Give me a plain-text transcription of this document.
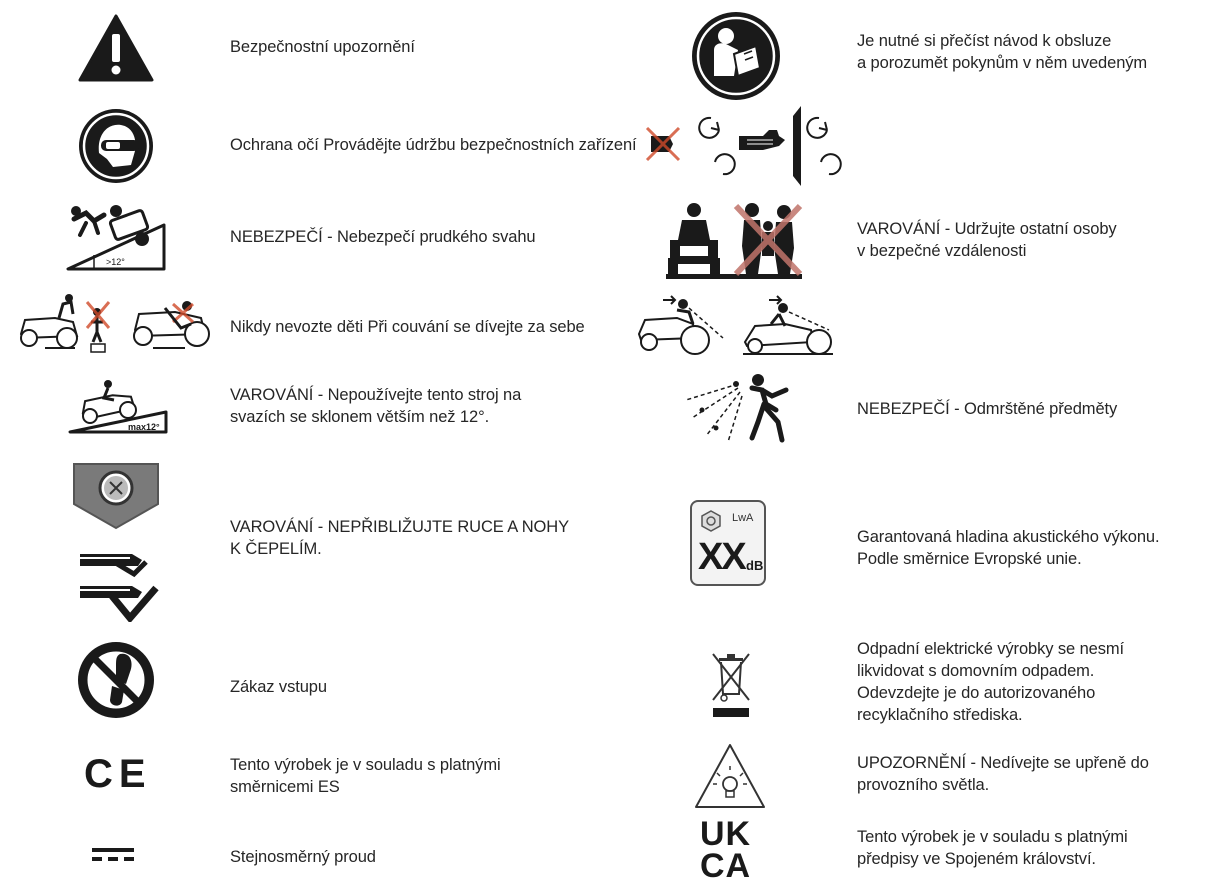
Bezpečnostní upozornění
Ochrana očí Provádějte údržbu bezpečnostních zařízení
>12°
NEBEZPEČÍ - Nebezpečí prudkého svahu
Nikdy nevozte děti Při couvání se dívejte za sebe
max12°
VAROVÁNÍ - Nepoužívejte tento stroj na
svazích se sklonem větším než 12°.
VAROVÁNÍ - NEPŘIBLIŽUJTE RUCE A NOHY
K ČEPELÍM.
Zákaz vstupu
CE	Tento výrobek je v souladu s platnými
směrnicemi ES
Stejnosměrný proud
Je nutné si přečíst návod k obsluze
a porozumět pokynům v něm uvedeným
VAROVÁNÍ - Udržujte ostatní osoby
v bezpečné vzdálenosti
NEBEZPEČÍ - Odmrštěné předměty
LwA
XX dB
Garantovaná hladina akustického výkonu.
Podle směrnice Evropské unie.
Odpadní elektrické výrobky se nesmí
likvidovat s domovním odpadem.
Odevzdejte je do autorizovaného
recyklačního střediska.
UPOZORNĚNÍ - Nedívejte se upřeně do
provozního světla.
UK
CA
Tento výrobek je v souladu s platnými
předpisy ve Spojeném království.
